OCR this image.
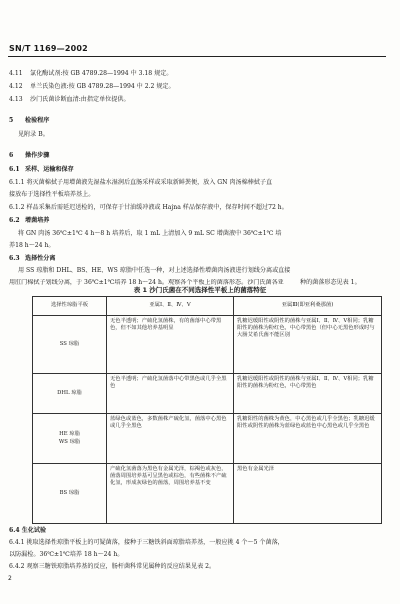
SN/T 1169—2002
4.11 氯化酶试剂:按 GB 4789.28—1994 中 3.18 规定。
4.12 单兰氏染色液:按 GB 4789.28—1994 中 2.2 规定。
4.13 沙门氏菌诊断血清:由指定单位提供。
5 检验程序
见附录 B。
6 操作步骤
6.1 采样、运输和保存
6.1.1 将灭菌棉拭子用增菌液先湿盐水湿润后直肠采样或采取新鲜粪便，放入 GN 肉汤棉棒拭子直
接放布于选择性平板培养基上。
6.1.2 样品采集后需延迟送检的，可保存于甘油缓冲液或 Hajna 样品保存液中，保存时间不超过72 h。
6.2 增菌培养
将 GN 肉汤 36℃±1℃ 4 h～8 h 培养后，取 1 mL 上清加入 9 mL SC 增菌液中 36℃±1℃ 培
养18 h～24 h。
6.3 选择性分离
用 SS 琼脂和 DHL、BS、HE、WS 琼脂中任选一种，对上述选择性增菌肉汤液进行划线分离或直接
用肛门棉拭子划线分离，于 36℃±1℃培养 18 h～24 h。观察各个平板上的菌落形态。沙门氏菌各亚	种的菌落形态见表 1。
表 1 沙门氏菌在不同选择性平板上的菌落特征
选择性琼脂平板	亚属Ⅰ、Ⅱ、Ⅳ、Ⅴ	亚属Ⅲ(即亚利桑那菌)
SS 琼脂	无色半透明；产硫化氢菌株，有的菌落中心带黑色，但不如其他培养基明显	乳糖迟缓阳性或阴性的菌株与亚属Ⅰ、Ⅱ、Ⅳ、Ⅴ相同；乳糖阳性的菌株为粉红色，中心带黑色（但中心无黑色形成时与大肠艾希氏菌不能区别
DHL 琼脂	无色半透明；产硫化氢菌落中心带黑色或几乎全黑色	乳糖迟缓阳性或阴性的菌株与亚属Ⅰ、Ⅱ、Ⅳ、Ⅴ相同；乳糖阳性的菌株为粉红色，中心带黑色
HE 琼脂
WS 琼脂	蓝绿色或蓝色，多数菌株产硫化氢，菌落中心黑色或几乎全黑色	乳糖阳性的菌株为黄色，中心黑色或几乎全黑色；乳糖迟缓阳性或阴性的菌株为蓝绿色或蓝色中心黑色或几乎全黑色
BS 琼脂	产硫化氢菌落为黑色有金属光泽，棕褐色或灰色，菌落周围培养基可呈黑色或棕色，有些菌株不产硫化氢，形成灰绿色的菌落，周围培养基不变	黑色有金属光泽
6.4 生化试验
6.4.1 挑取选择性琼脂平板上的可疑菌落，接种于三糖铁斜面琼脂培养基，一般应挑 4 个～5 个菌落，
以防漏检。36℃±1℃培养 18 h～24 h。
6.4.2 观察三糖铁琼脂培养基的反应，肠杆菌科常见属种的反应结果见表 2。
2
